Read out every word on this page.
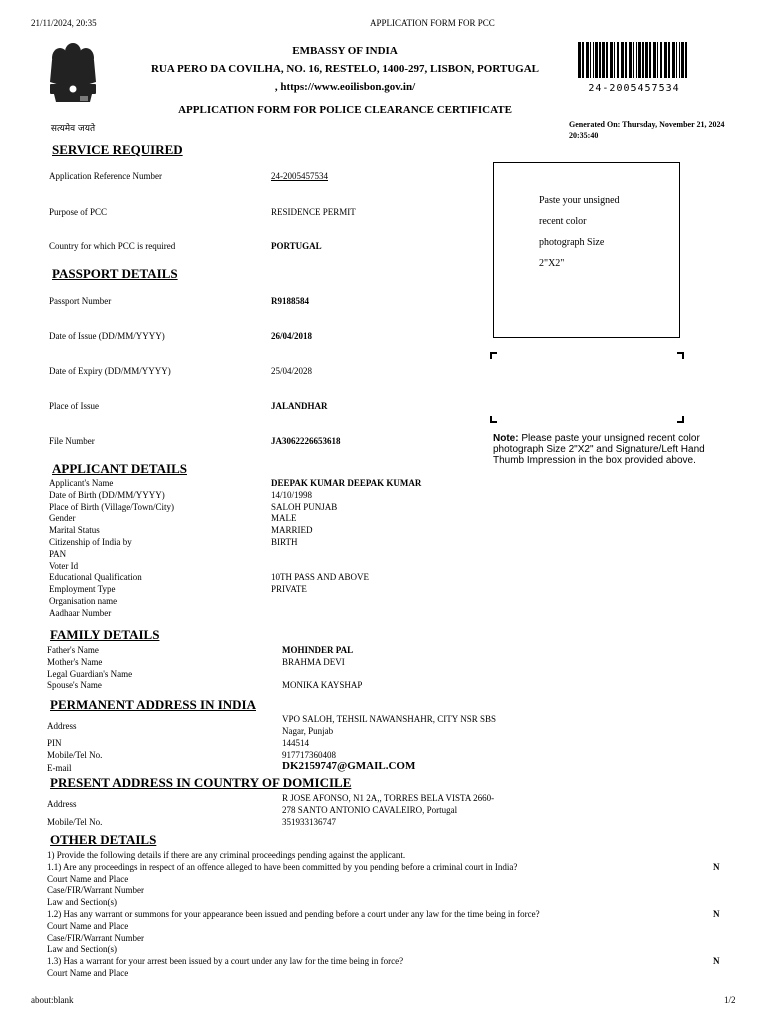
21/11/2024, 20:35	APPLICATION FORM FOR PCC
about:blank	1/2
सत्यमेव जयते
EMBASSY OF INDIA
RUA PERO DA COVILHA, NO. 16, RESTELO, 1400-297, LISBON, PORTUGAL
, https://www.eoilisbon.gov.in/
APPLICATION FORM FOR POLICE CLEARANCE CERTIFICATE
24-2005457534
Generated On: Thursday, November 21, 2024 20:35:40
SERVICE REQUIRED
Application Reference Number	24-2005457534
Purpose of PCC	RESIDENCE PERMIT
Country for which PCC is required	PORTUGAL
Paste your unsigned
recent color
photograph Size
2"X2"
Note: Please paste your unsigned recent color photograph Size 2"X2" and Signature/Left Hand Thumb Impression in the box provided above.
PASSPORT DETAILS
Passport Number	R9188584
Date of Issue (DD/MM/YYYY)	26/04/2018
Date of Expiry (DD/MM/YYYY)	25/04/2028
Place of Issue	JALANDHAR
File Number	JA3062226653618
APPLICANT DETAILS
Applicant's Name	DEEPAK KUMAR DEEPAK KUMAR
Date of Birth (DD/MM/YYYY)	14/10/1998
Place of Birth (Village/Town/City)	SALOH PUNJAB
Gender	MALE
Marital Status	MARRIED
Citizenship of India by	BIRTH
PAN
Voter Id
Educational Qualification	10TH PASS AND ABOVE
Employment Type	PRIVATE
Organisation name
Aadhaar Number
FAMILY DETAILS
Father's Name	MOHINDER PAL
Mother's Name	BRAHMA DEVI
Legal Guardian's Name
Spouse's Name	MONIKA KAYSHAP
PERMANENT ADDRESS IN INDIA
Address
VPO SALOH, TEHSIL NAWANSHAHR, CITY NSR SBS
Nagar, Punjab
PIN	144514
Mobile/Tel No.	917717360408
E-mail	DK2159747@GMAIL.COM
PRESENT ADDRESS IN COUNTRY OF DOMICILE
Address
R JOSE AFONSO, N1 2A,, TORRES BELA VISTA 2660-
278 SANTO ANTONIO CAVALEIRO, Portugal
Mobile/Tel No.	351933136747
OTHER DETAILS
1) Provide the following details if there are any criminal proceedings pending against the applicant.
1.1) Are any proceedings in respect of an offence alleged to have been committed by you pending before a criminal court in India?	N
Court Name and Place
Case/FIR/Warrant Number
Law and Section(s)
1.2) Has any warrant or summons for your appearance been issued and pending before a court under any law for the time being in force?	N
Court Name and Place
Case/FIR/Warrant Number
Law and Section(s)
1.3) Has a warrant for your arrest been issued by a court under any law for the time being in force?	N
Court Name and Place
